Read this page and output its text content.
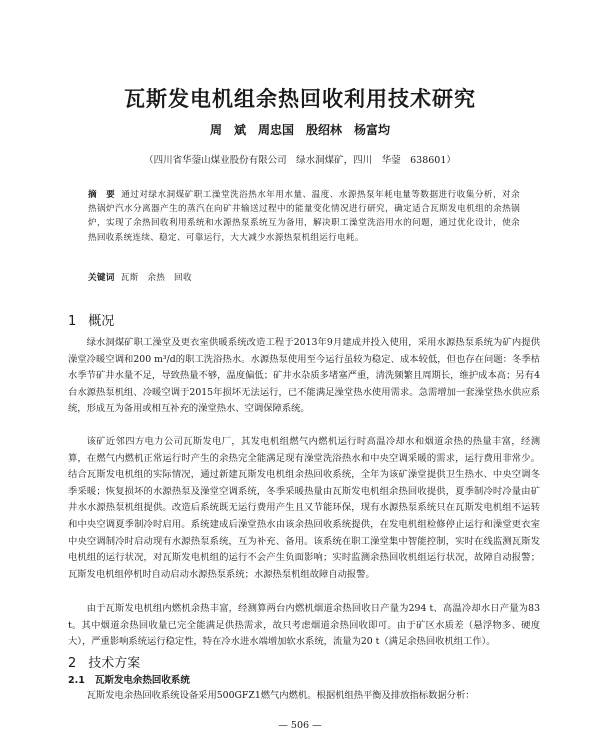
瓦斯发电机组余热回收利用技术研究
周　斌　周忠国　殷绍林　杨富均
（四川省华蓥山煤业股份有限公司　绿水洞煤矿，四川　华蓥　638601）
摘　要 通过对绿水洞煤矿职工澡堂洗浴热水年用水量、温度、水源热泵年耗电量等数据进行收集分析，对余热锅炉汽水分离器产生的蒸汽在向矿井输送过程中的能量变化情况进行研究，确定适合瓦斯发电机组的余热锅炉，实现了余热回收利用系统和水源热泵系统互为备用，解决职工澡堂洗浴用水的问题，通过优化设计，使余热回收系统连续、稳定、可靠运行，大大减少水源热泵机组运行电耗。
关键词 瓦斯　余热　回收
1 概况
绿水洞煤矿职工澡堂及更衣室供暖系统改造工程于2013年9月建成并投入使用，采用水源热泵系统为矿内提供澡堂冷暖空调和200 m³/d的职工洗浴热水。水源热泵使用至今运行虽较为稳定、成本较低，但也存在问题：冬季枯水季节矿井水量不足，导致热量不够，温度偏低；矿井水杂质多堵塞严重，清洗频繁且周期长，维护成本高；另有4台水源热泵机组、冷暖空调于2015年损坏无法运行，已不能满足澡堂热水使用需求。急需增加一套澡堂热水供应系统，形成互为备用或相互补充的澡堂热水、空调保障系统。
该矿近邻四方电力公司瓦斯发电厂，其发电机组燃气内燃机运行时高温冷却水和烟道余热的热量丰富，经测算，在燃气内燃机正常运行时产生的余热完全能满足现有澡堂洗浴热水和中央空调采暖的需求，运行费用非常少。结合瓦斯发电机组的实际情况，通过新建瓦斯发电机组余热回收系统，全年为该矿澡堂提供卫生热水、中央空调冬季采暖；恢复损坏的水源热泵及澡堂空调系统，冬季采暖热量由瓦斯发电机组余热回收提供，夏季制冷时冷量由矿井水水源热泵机组提供。改造后系统既无运行费用产生且又节能环保，现有水源热泵系统只在瓦斯发电机组不运转和中央空调夏季制冷时启用。系统建成后澡堂热水由该余热回收系统提供，在发电机组检修停止运行和澡堂更衣室中央空调制冷时启动现有水源热泵系统，互为补充、备用。该系统在职工澡堂集中智能控制，实时在线监测瓦斯发电机组的运行状况，对瓦斯发电机组的运行不会产生负面影响；实时监测余热回收机组运行状况，故障自动报警；瓦斯发电机组停机时自动启动水源热泵系统；水源热泵机组故障自动报警。
由于瓦斯发电机组内燃机余热丰富，经测算两台内燃机烟道余热回收日产量为294 t、高温冷却水日产量为83 t。其中烟道余热回收量已完全能满足供热需求，故只考虑烟道余热回收即可。由于矿区水质差（悬浮物多、硬度大），严重影响系统运行稳定性，特在冷水进水端增加软水系统，流量为20 t（满足余热回收机组工作）。
2 技术方案
2.1 瓦斯发电余热回收系统
瓦斯发电余热回收系统设备采用500GFZ1燃气内燃机。根据机组热平衡及排放指标数据分析：
— 506 —
